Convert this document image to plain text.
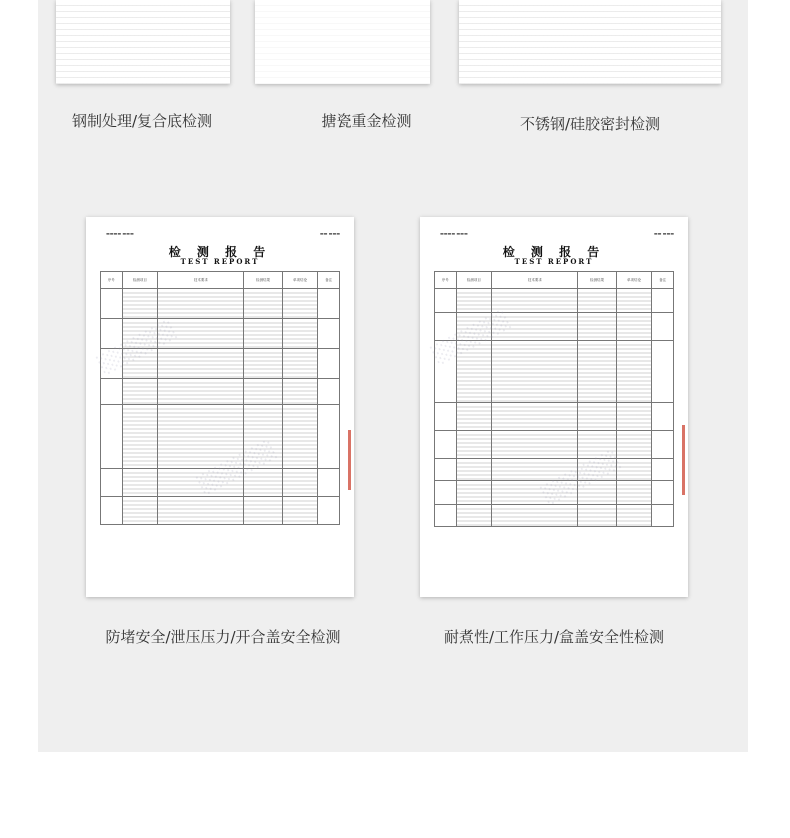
钢制处理/复合底检测	搪瓷重金检测	不锈钢/硅胶密封检测
▬▬▬▬ ▬▬▬	▬▬ ▬▬▬
检 测 报 告
TEST REPORT
序号	检测项目	技术要求	检测结果	单项结论	备注

▬▬▬▬ ▬▬▬	▬▬ ▬▬▬
检 测 报 告
TEST REPORT
序号	检测项目	技术要求	检测结果	单项结论	备注

防堵安全/泄压压力/开合盖安全检测	耐煮性/工作压力/盒盖安全性检测
